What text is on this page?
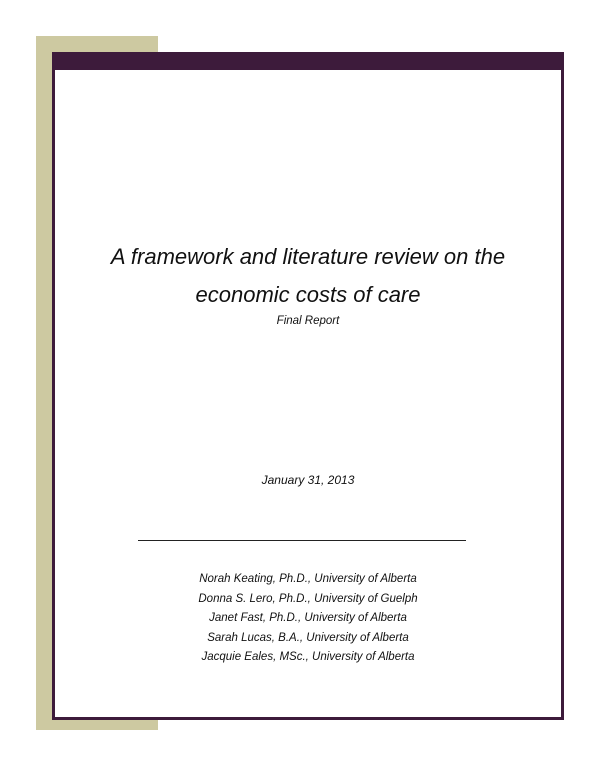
A framework and literature review on the
economic costs of care
Final Report
January 31, 2013
Norah Keating, Ph.D., University of Alberta
Donna S. Lero, Ph.D., University of Guelph
Janet Fast, Ph.D., University of Alberta
Sarah Lucas, B.A., University of Alberta
Jacquie Eales, MSc., University of Alberta
